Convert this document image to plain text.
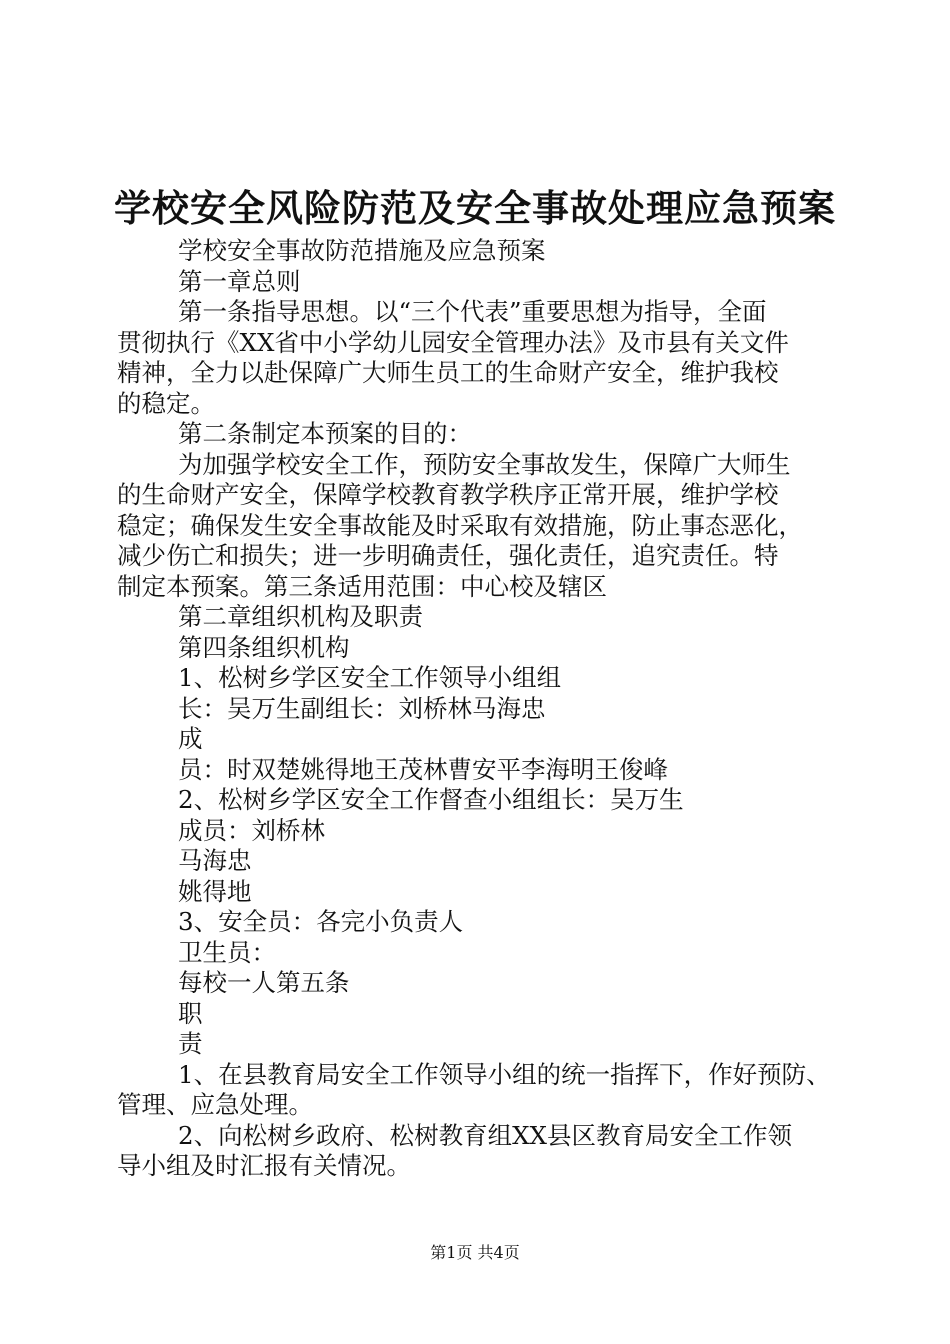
学校安全风险防范及安全事故处理应急预案

学校安全事故防范措施及应急预案

第一章总则

第一条指导思想。以“三个代表”重要思想为指导，全面

贯彻执行《XX省中小学幼儿园安全管理办法》及市县有关文件

精神，全力以赴保障广大师生员工的生命财产安全，维护我校

的稳定。

第二条制定本预案的目的：

为加强学校安全工作，预防安全事故发生，保障广大师生

的生命财产安全，保障学校教育教学秩序正常开展，维护学校

稳定；确保发生安全事故能及时采取有效措施，防止事态恶化，

减少伤亡和损失；进一步明确责任，强化责任，追究责任。特

制定本预案。第三条适用范围：中心校及辖区

第二章组织机构及职责

第四条组织机构

1、松树乡学区安全工作领导小组组

长：吴万生副组长：刘桥林马海忠

成

员：时双楚姚得地王茂林曹安平李海明王俊峰

2、松树乡学区安全工作督查小组组长：吴万生

成员：刘桥林

马海忠

姚得地

3、安全员：各完小负责人

卫生员：

每校一人第五条

职

责

1、在县教育局安全工作领导小组的统一指挥下，作好预防、

管理、应急处理。

2、向松树乡政府、松树教育组XX县区教育局安全工作领

导小组及时汇报有关情况。

第1页 共4页
